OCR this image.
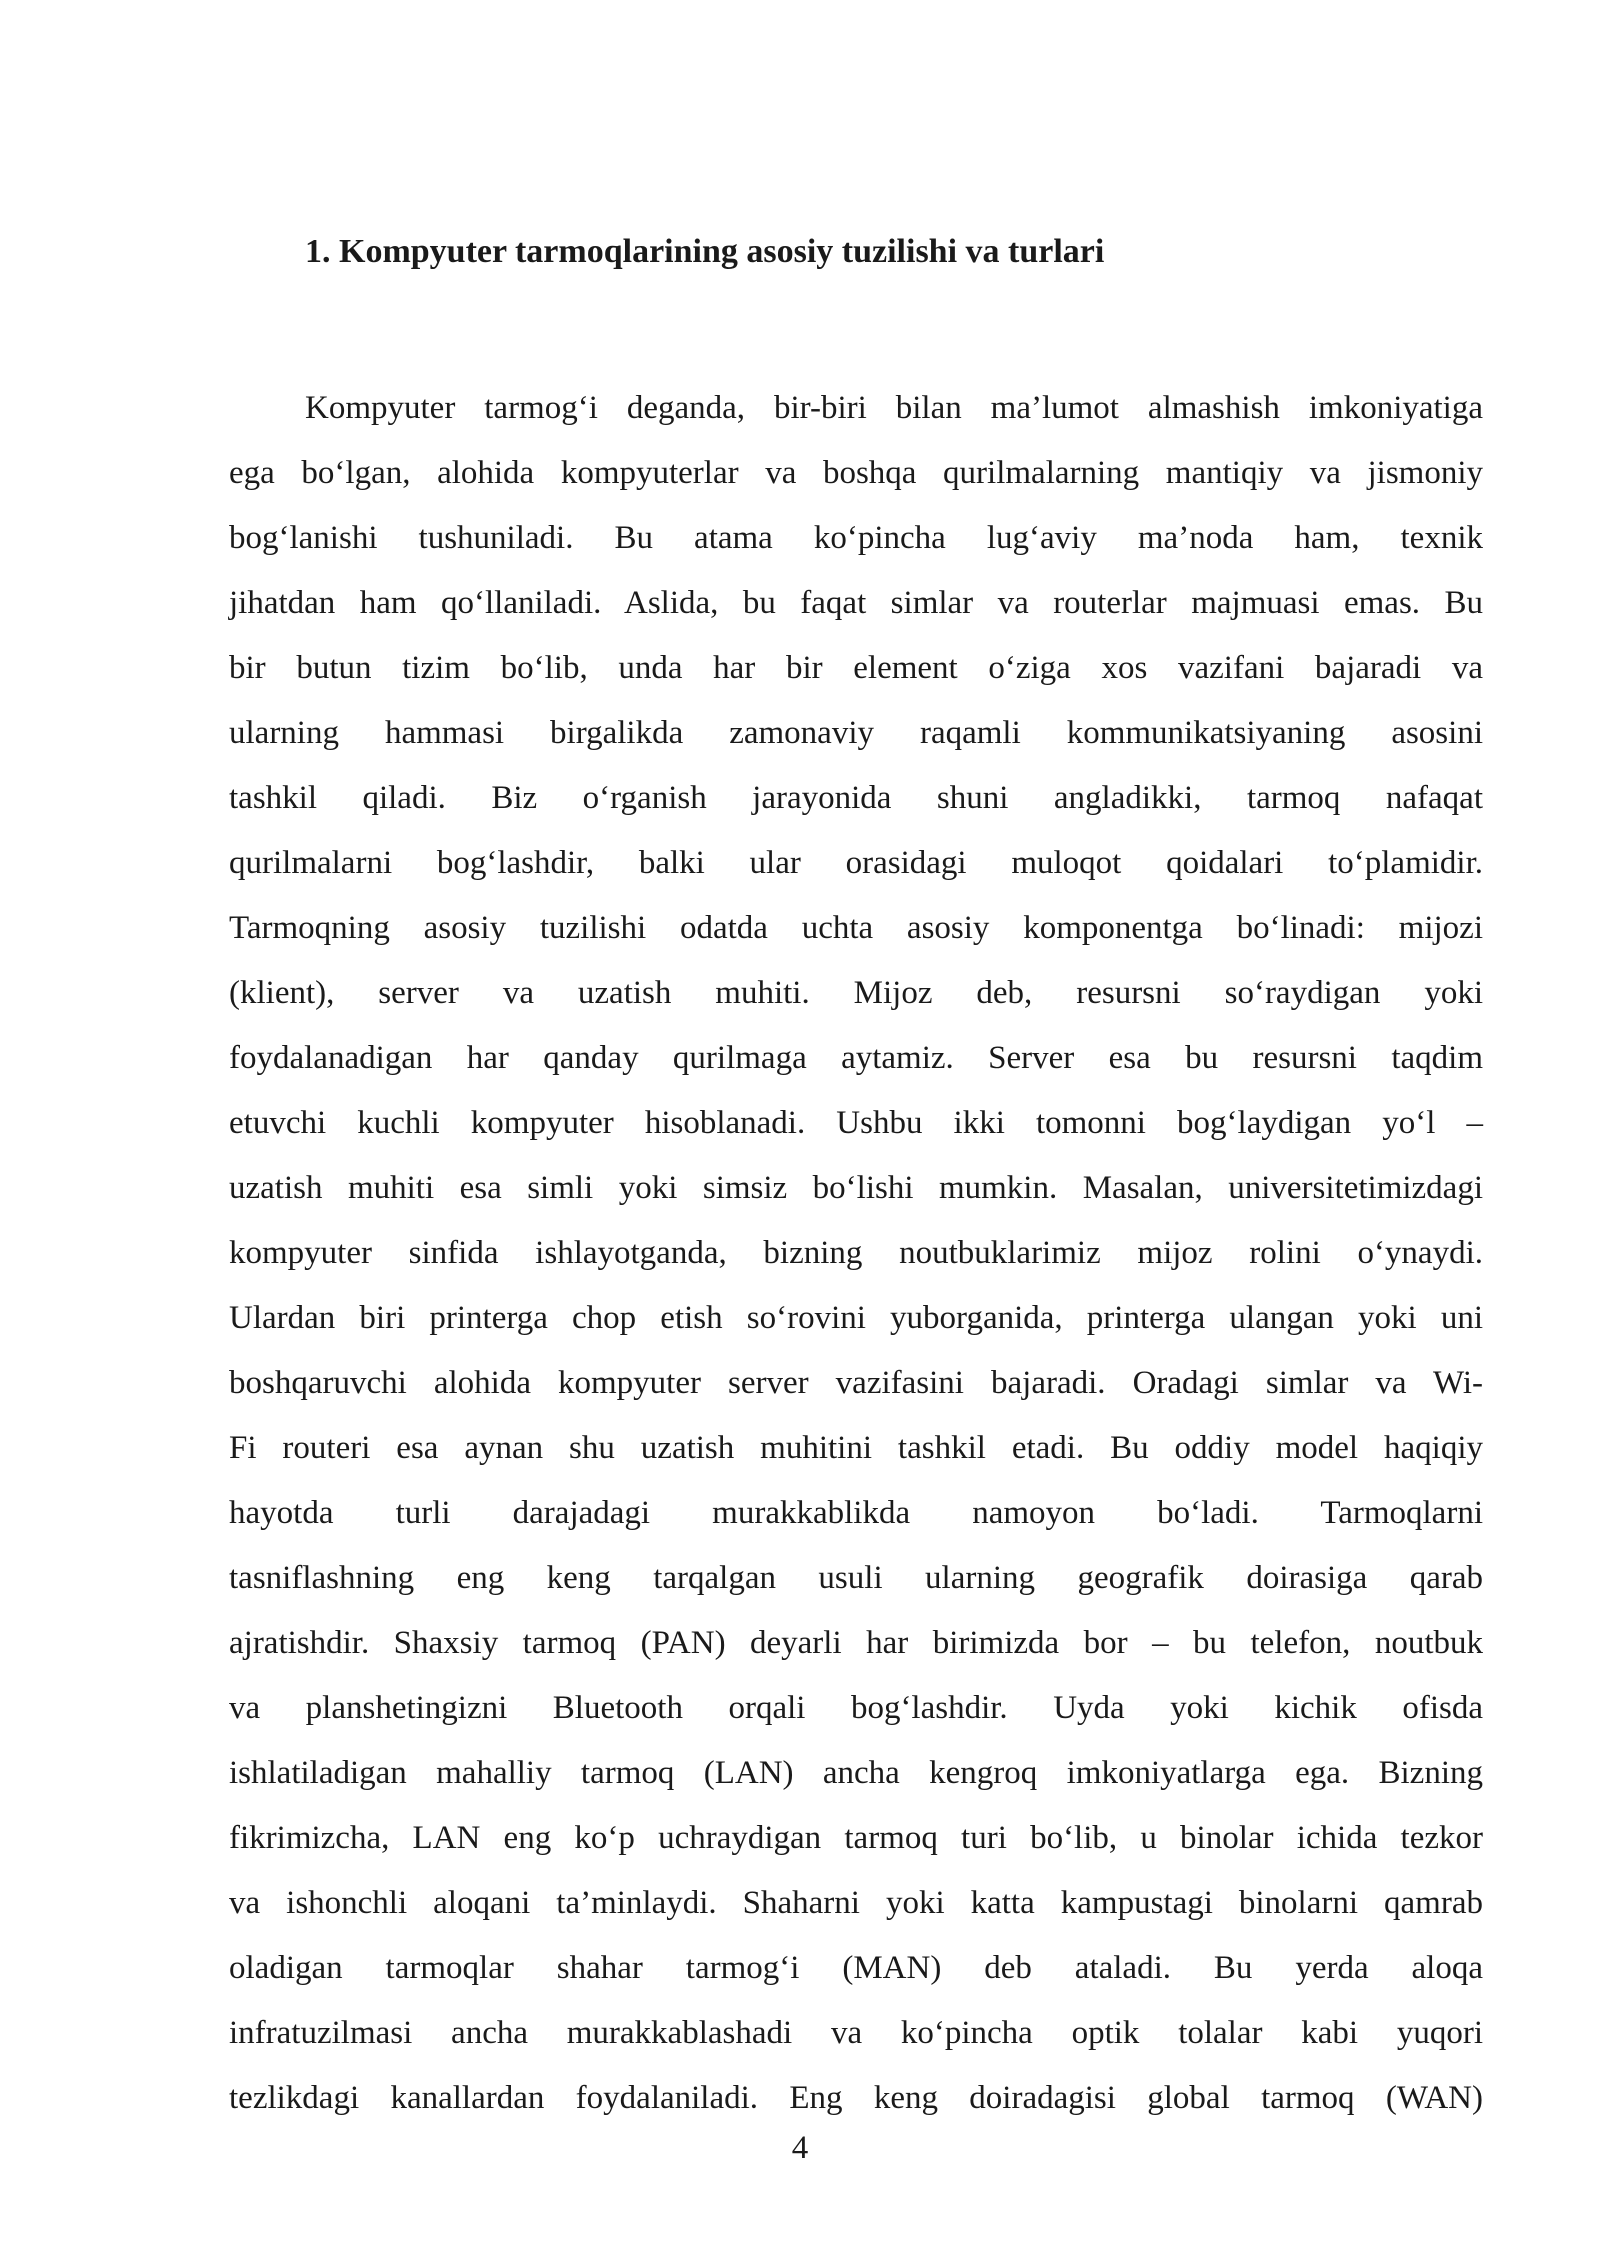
1. Kompyuter tarmoqlarining asosiy tuzilishi va turlari
Kompyuter tarmog‘i deganda, bir-biri bilan ma’lumot almashish imkoniyatiga
ega bo‘lgan, alohida kompyuterlar va boshqa qurilmalarning mantiqiy va jismoniy
bog‘lanishi tushuniladi. Bu atama ko‘pincha lug‘aviy ma’noda ham, texnik
jihatdan ham qo‘llaniladi. Aslida, bu faqat simlar va routerlar majmuasi emas. Bu
bir butun tizim bo‘lib, unda har bir element o‘ziga xos vazifani bajaradi va
ularning hammasi birgalikda zamonaviy raqamli kommunikatsiyaning asosini
tashkil qiladi. Biz o‘rganish jarayonida shuni angladikki, tarmoq nafaqat
qurilmalarni bog‘lashdir, balki ular orasidagi muloqot qoidalari to‘plamidir.
Tarmoqning asosiy tuzilishi odatda uchta asosiy komponentga bo‘linadi: mijozi
(klient), server va uzatish muhiti. Mijoz deb, resursni so‘raydigan yoki
foydalanadigan har qanday qurilmaga aytamiz. Server esa bu resursni taqdim
etuvchi kuchli kompyuter hisoblanadi. Ushbu ikki tomonni bog‘laydigan yo‘l –
uzatish muhiti esa simli yoki simsiz bo‘lishi mumkin. Masalan, universitetimizdagi
kompyuter sinfida ishlayotganda, bizning noutbuklarimiz mijoz rolini o‘ynaydi.
Ulardan biri printerga chop etish so‘rovini yuborganida, printerga ulangan yoki uni
boshqaruvchi alohida kompyuter server vazifasini bajaradi. Oradagi simlar va Wi-
Fi routeri esa aynan shu uzatish muhitini tashkil etadi. Bu oddiy model haqiqiy
hayotda turli darajadagi murakkablikda namoyon bo‘ladi. Tarmoqlarni
tasniflashning eng keng tarqalgan usuli ularning geografik doirasiga qarab
ajratishdir. Shaxsiy tarmoq (PAN) deyarli har birimizda bor – bu telefon, noutbuk
va planshetingizni Bluetooth orqali bog‘lashdir. Uyda yoki kichik ofisda
ishlatiladigan mahalliy tarmoq (LAN) ancha kengroq imkoniyatlarga ega. Bizning
fikrimizcha, LAN eng ko‘p uchraydigan tarmoq turi bo‘lib, u binolar ichida tezkor
va ishonchli aloqani ta’minlaydi. Shaharni yoki katta kampustagi binolarni qamrab
oladigan tarmoqlar shahar tarmog‘i (MAN) deb ataladi. Bu yerda aloqa
infratuzilmasi ancha murakkablashadi va ko‘pincha optik tolalar kabi yuqori
tezlikdagi kanallardan foydalaniladi. Eng keng doiradagisi global tarmoq (WAN)
4
